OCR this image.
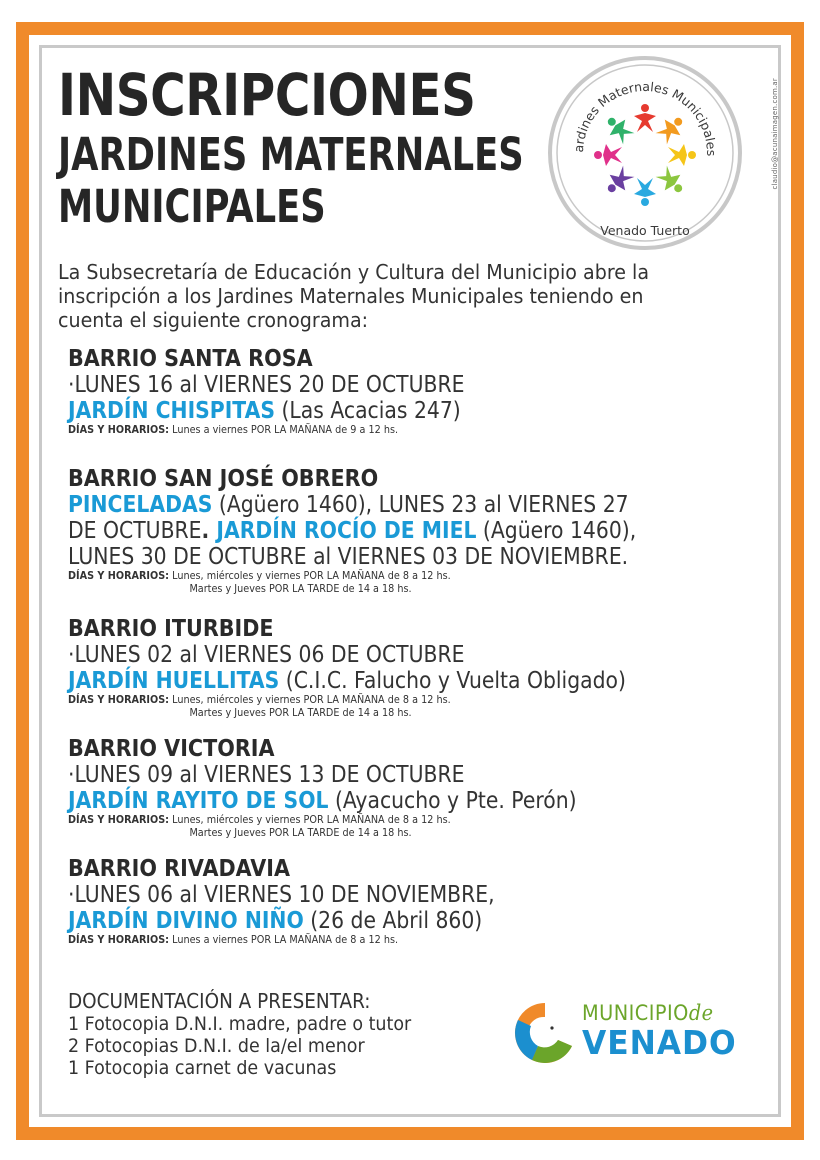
INSCRIPCIONES
JARDINES MATERNALES
MUNICIPALES
ardines Maternales Municipales
Venado Tuerto
claudio@acunaimagen.com.ar
La Subsecretaría de Educación y Cultura del Municipio abre la
inscripción a los Jardines Maternales Municipales teniendo en
cuenta el siguiente cronograma:
BARRIO SANTA ROSA
·LUNES 16 al VIERNES 20 DE OCTUBRE
JARDÍN CHISPITAS (Las Acacias 247)
DÍAS Y HORARIOS: Lunes a viernes POR LA MAÑANA de 9 a 12 hs.
BARRIO SAN JOSÉ OBRERO
PINCELADAS (Agüero 1460), LUNES 23 al VIERNES 27
DE OCTUBRE. JARDÍN ROCÍO DE MIEL (Agüero 1460),
LUNES 30 DE OCTUBRE al VIERNES 03 DE NOVIEMBRE.
DÍAS Y HORARIOS: Lunes, miércoles y viernes POR LA MAÑANA de 8 a 12 hs.
Martes y Jueves POR LA TARDE de 14 a 18 hs.
BARRIO ITURBIDE
·LUNES 02 al VIERNES 06 DE OCTUBRE
JARDÍN HUELLITAS (C.I.C. Falucho y Vuelta Obligado)
DÍAS Y HORARIOS: Lunes, miércoles y viernes POR LA MAÑANA de 8 a 12 hs.
Martes y Jueves POR LA TARDE de 14 a 18 hs.
BARRIO VICTORIA
·LUNES 09 al VIERNES 13 DE OCTUBRE
JARDÍN RAYITO DE SOL (Ayacucho y Pte. Perón)
DÍAS Y HORARIOS: Lunes, miércoles y viernes POR LA MAÑANA de 8 a 12 hs.
Martes y Jueves POR LA TARDE de 14 a 18 hs.
BARRIO RIVADAVIA
·LUNES 06 al VIERNES 10 DE NOVIEMBRE,
JARDÍN DIVINO NIÑO (26 de Abril 860)
DÍAS Y HORARIOS: Lunes a viernes POR LA MAÑANA de 8 a 12 hs.
DOCUMENTACIÓN A PRESENTAR:
1 Fotocopia D.N.I. madre, padre o tutor
2 Fotocopias D.N.I. de la/el menor
1 Fotocopia carnet de vacunas
MUNICIPIOde
VENADO
